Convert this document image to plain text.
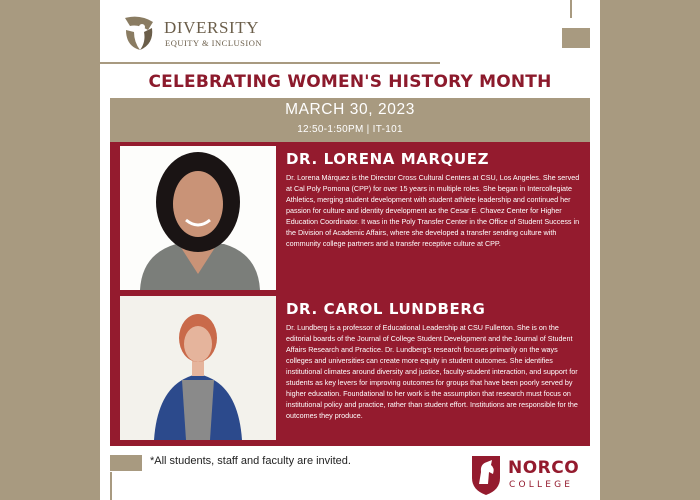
DIVERSITY
EQUITY & INCLUSION
CELEBRATING WOMEN'S HISTORY MONTH
MARCH 30, 2023
12:50-1:50PM | IT-101
DR. LORENA MARQUEZ
Dr. Lorena Márquez is the Director Cross Cultural Centers at CSU, Los Angeles. She served at Cal Poly Pomona (CPP) for over 15 years in multiple roles. She began in Intercollegiate Athletics, merging student development with student athlete leadership and continued her passion for culture and identity development as the Cesar E. Chavez Center for Higher Education Coordinator. It was in the Poly Transfer Center in the Office of Student Success in the Division of Academic Affairs, where she developed a transfer sending culture with community college partners and a transfer receptive culture at CPP.
DR. CAROL LUNDBERG
Dr. Lundberg is a professor of Educational Leadership at CSU Fullerton. She is on the editorial boards of the Journal of College Student Development and the Journal of Student Affairs Research and Practice. Dr. Lundberg's research focuses primarily on the ways colleges and universities can create more equity in student outcomes. She identifies institutional climates around diversity and justice, faculty-student interaction, and support for students as key levers for improving outcomes for groups that have been poorly served by higher education. Foundational to her work is the assumption that research must focus on institutional policy and practice, rather than student effort. Institutions are responsible for the outcomes they produce.
*All students, staff and faculty are invited.	NORCO
COLLEGE
